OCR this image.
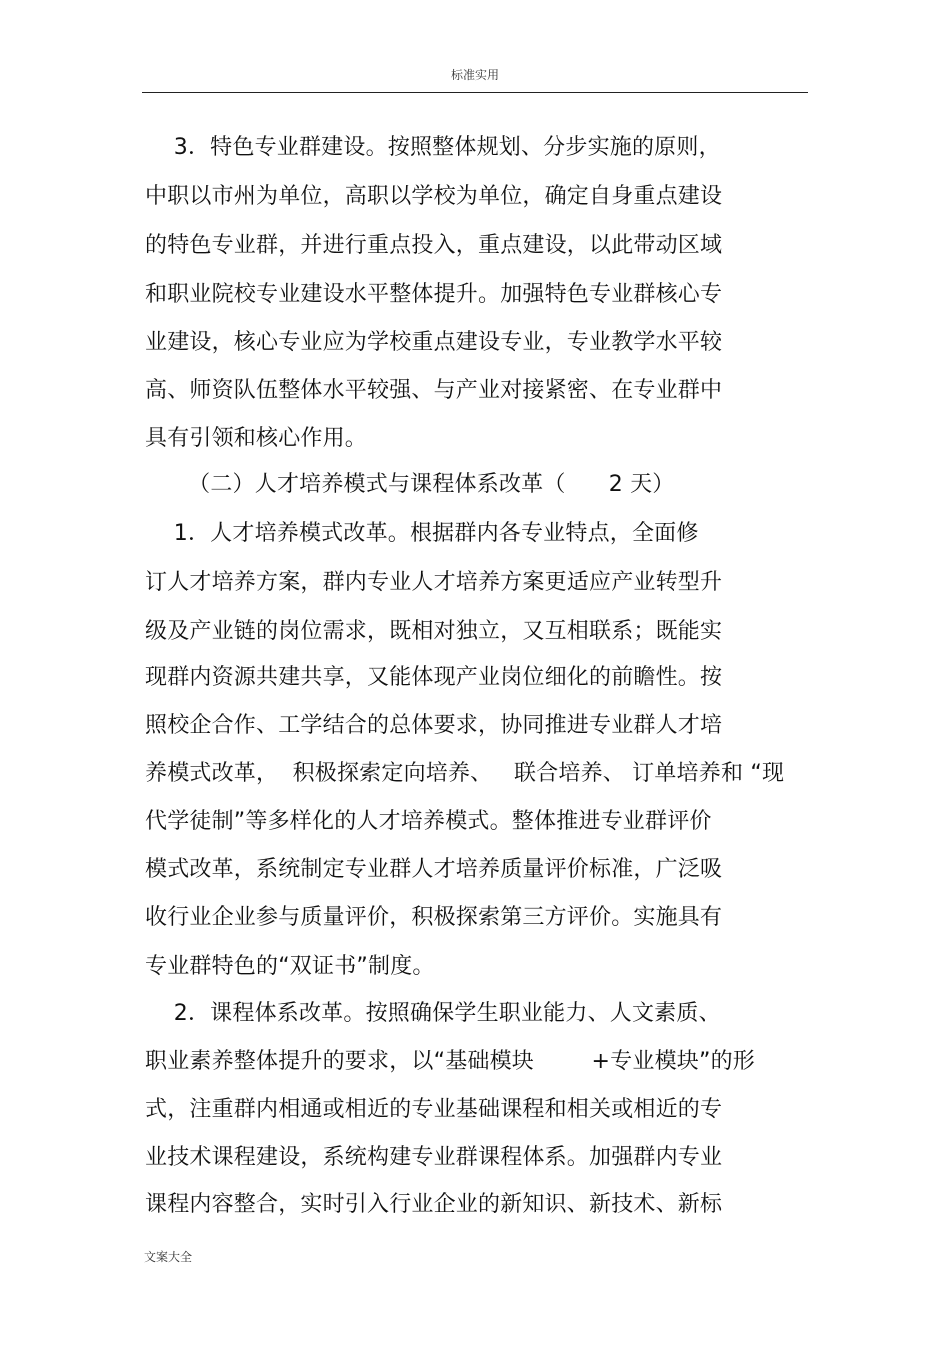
标准实用
3．特色专业群建设。按照整体规划、分步实施的原则，
中职以市州为单位，高职以学校为单位，确定自身重点建设
的特色专业群，并进行重点投入，重点建设，以此带动区域
和职业院校专业建设水平整体提升。加强特色专业群核心专
业建设，核心专业应为学校重点建设专业，专业教学水平较
高、师资队伍整体水平较强、与产业对接紧密、在专业群中
具有引领和核心作用。
（二）人才培养模式与课程体系改革（      2 天）
1．人才培养模式改革。根据群内各专业特点，全面修
订人才培养方案，群内专业人才培养方案更适应产业转型升
级及产业链的岗位需求，既相对独立，又互相联系；既能实
现群内资源共建共享，又能体现产业岗位细化的前瞻性。按
照校企合作、工学结合的总体要求，协同推进专业群人才培
养模式改革，  积极探索定向培养、   联合培养、 订单培养和 “现
代学徒制”等多样化的人才培养模式。整体推进专业群评价
模式改革，系统制定专业群人才培养质量评价标准，广泛吸
收行业企业参与质量评价，积极探索第三方评价。实施具有
专业群特色的“双证书”制度。
2．课程体系改革。按照确保学生职业能力、人文素质、
职业素养整体提升的要求，以“基础模块        +专业模块”的形
式，注重群内相通或相近的专业基础课程和相关或相近的专
业技术课程建设，系统构建专业群课程体系。加强群内专业
课程内容整合，实时引入行业企业的新知识、新技术、新标
文案大全
